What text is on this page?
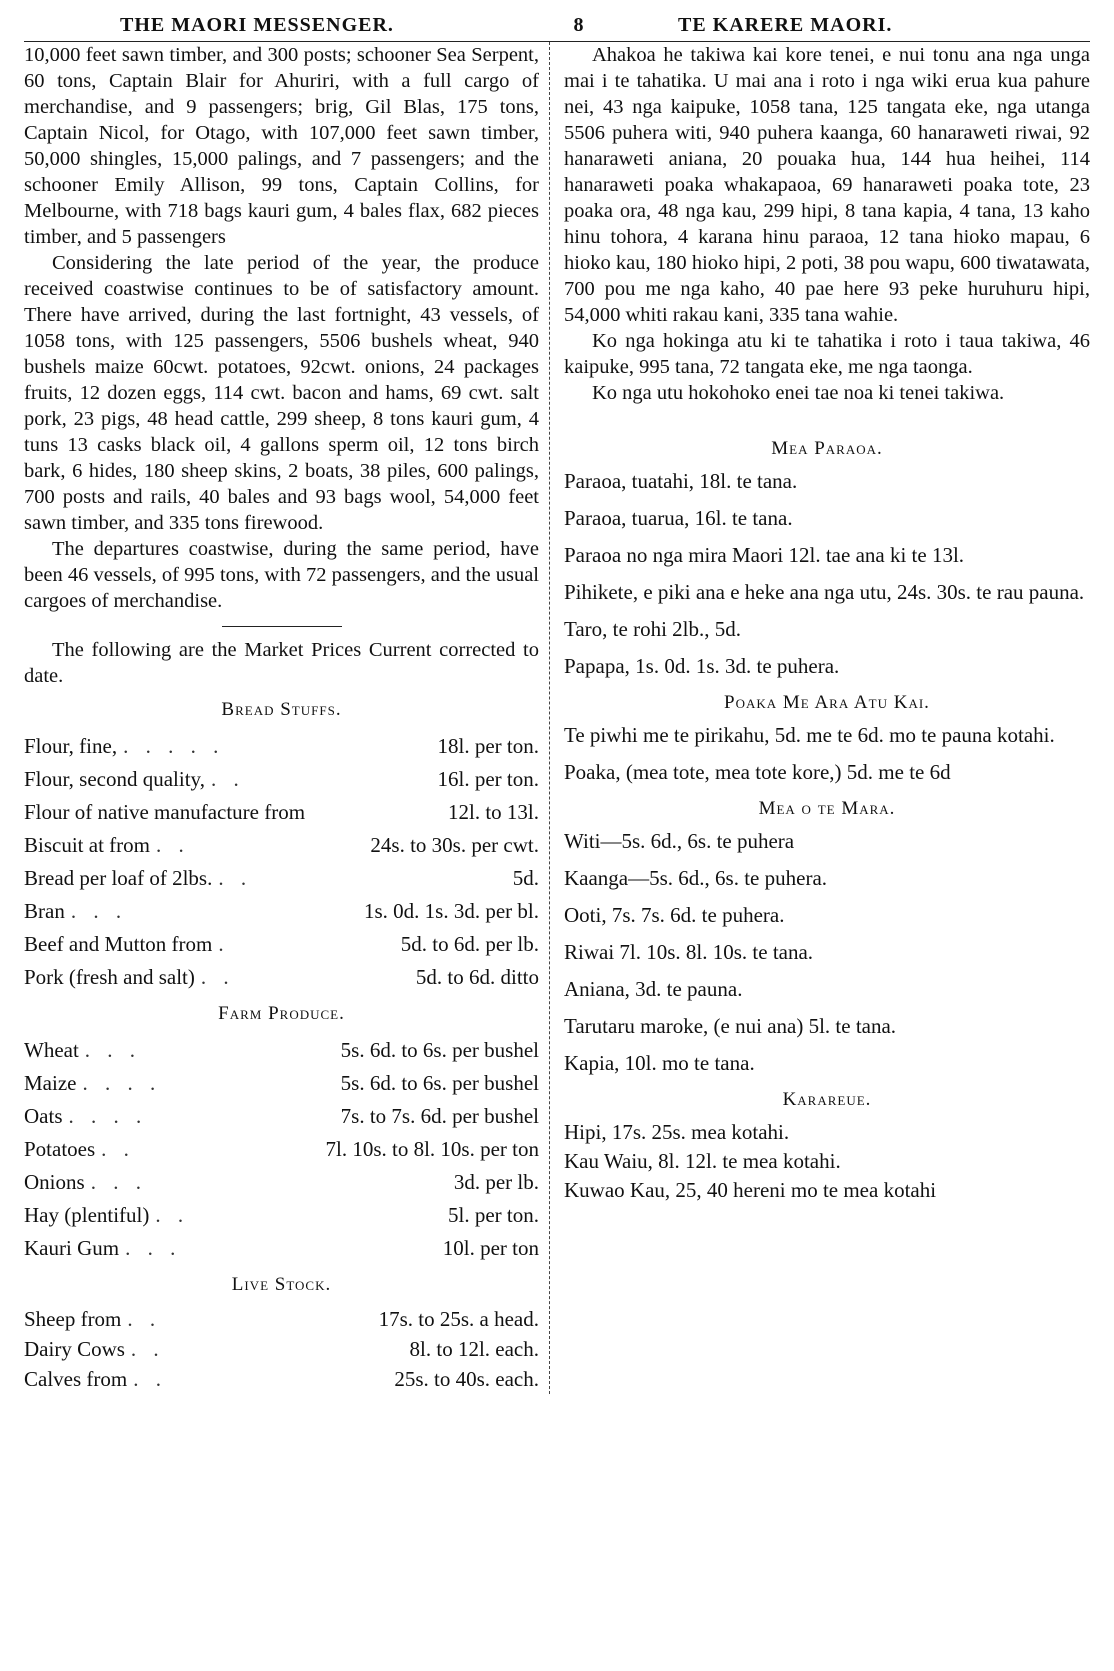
THE MAORI MESSENGER.	8	TE KARERE MAORI.

10,000 feet sawn timber, and 300 posts; schooner Sea Serpent, 60 tons, Captain Blair for Ahuriri, with a full cargo of merchandise, and 9 passengers; brig, Gil Blas, 175 tons, Captain Nicol, for Otago, with 107,000 feet sawn timber, 50,000 shingles, 15,000 palings, and 7 passengers; and the schooner Emily Allison, 99 tons, Captain Collins, for Melbourne, with 718 bags kauri gum, 4 bales flax, 682 pieces timber, and 5 passengers

Considering the late period of the year, the produce received coastwise continues to be of satisfactory amount. There have arrived, during the last fortnight, 43 vessels, of 1058 tons, with 125 passengers, 5506 bushels wheat, 940 bushels maize 60cwt. potatoes, 92cwt. onions, 24 packages fruits, 12 dozen eggs, 114 cwt. bacon and hams, 69 cwt. salt pork, 23 pigs, 48 head cattle, 299 sheep, 8 tons kauri gum, 4 tuns 13 casks black oil, 4 gallons sperm oil, 12 tons birch bark, 6 hides, 180 sheep skins, 2 boats, 38 piles, 600 palings, 700 posts and rails, 40 bales and 93 bags wool, 54,000 feet sawn timber, and 335 tons firewood.

The departures coastwise, during the same period, have been 46 vessels, of 995 tons, with 72 passengers, and the usual cargoes of merchandise.

The following are the Market Prices Current corrected to date.

Bread Stuffs.
Flour, fine, . . . . .	18l. per ton.
Flour, second quality, . .	16l. per ton.
Flour of native manufacture from	12l. to 13l.
Biscuit at from . .	24s. to 30s. per cwt.
Bread per loaf of 2lbs. . .	5d.
Bran . . .	1s. 0d. 1s. 3d. per bl.
Beef and Mutton from .	5d. to 6d. per lb.
Pork (fresh and salt) . .	5d. to 6d. ditto
Farm Produce.
Wheat . . .	5s. 6d. to 6s. per bushel
Maize . . . .	5s. 6d. to 6s. per bushel
Oats . . . .	7s. to 7s. 6d. per bushel
Potatoes . .	7l. 10s. to 8l. 10s. per ton
Onions . . .	3d. per lb.
Hay (plentiful) . .	5l. per ton.
Kauri Gum . . .	10l. per ton
Live Stock.
Sheep from . .	17s. to 25s. a head.
Dairy Cows . .	8l. to 12l. each.
Calves from . .	25s. to 40s. each.

Ahakoa he takiwa kai kore tenei, e nui tonu ana nga unga mai i te tahatika. U mai ana i roto i nga wiki erua kua pahure nei, 43 nga kaipuke, 1058 tana, 125 tangata eke, nga utanga 5506 puhera witi, 940 puhera kaanga, 60 hanaraweti riwai, 92 hanaraweti aniana, 20 pouaka hua, 144 hua heihei, 114 hanaraweti poaka whakapaoa, 69 hanaraweti poaka tote, 23 poaka ora, 48 nga kau, 299 hipi, 8 tana kapia, 4 tana, 13 kaho hinu tohora, 4 karana hinu paraoa, 12 tana hioko mapau, 6 hioko kau, 180 hioko hipi, 2 poti, 38 pou wapu, 600 tiwatawata, 700 pou me nga kaho, 40 pae here 93 peke huruhuru hipi, 54,000 whiti rakau kani, 335 tana wahie.

Ko nga hokinga atu ki te tahatika i roto i taua takiwa, 46 kaipuke, 995 tana, 72 tangata eke, me nga taonga.

Ko nga utu hokohoko enei tae noa ki tenei takiwa.

Mea Paraoa.

Paraoa, tuatahi, 18l. te tana.

Paraoa, tuarua, 16l. te tana.

Paraoa no nga mira Maori 12l. tae ana ki te 13l.

Pihikete, e piki ana e heke ana nga utu, 24s. 30s. te rau pauna.

Taro, te rohi 2lb., 5d.

Papapa, 1s. 0d. 1s. 3d. te puhera.

Poaka Me Ara Atu Kai.

Te piwhi me te pirikahu, 5d. me te 6d. mo te pauna kotahi.

Poaka, (mea tote, mea tote kore,) 5d. me te 6d

Mea o te Mara.

Witi—5s. 6d., 6s. te puhera

Kaanga—5s. 6d., 6s. te puhera.

Ooti, 7s. 7s. 6d. te puhera.

Riwai 7l. 10s. 8l. 10s. te tana.

Aniana, 3d. te pauna.

Tarutaru maroke, (e nui ana) 5l. te tana.

Kapia, 10l. mo te tana.

Karareue.

Hipi, 17s. 25s. mea kotahi.

Kau Waiu, 8l. 12l. te mea kotahi.

Kuwao Kau, 25, 40 hereni mo te mea kotahi
